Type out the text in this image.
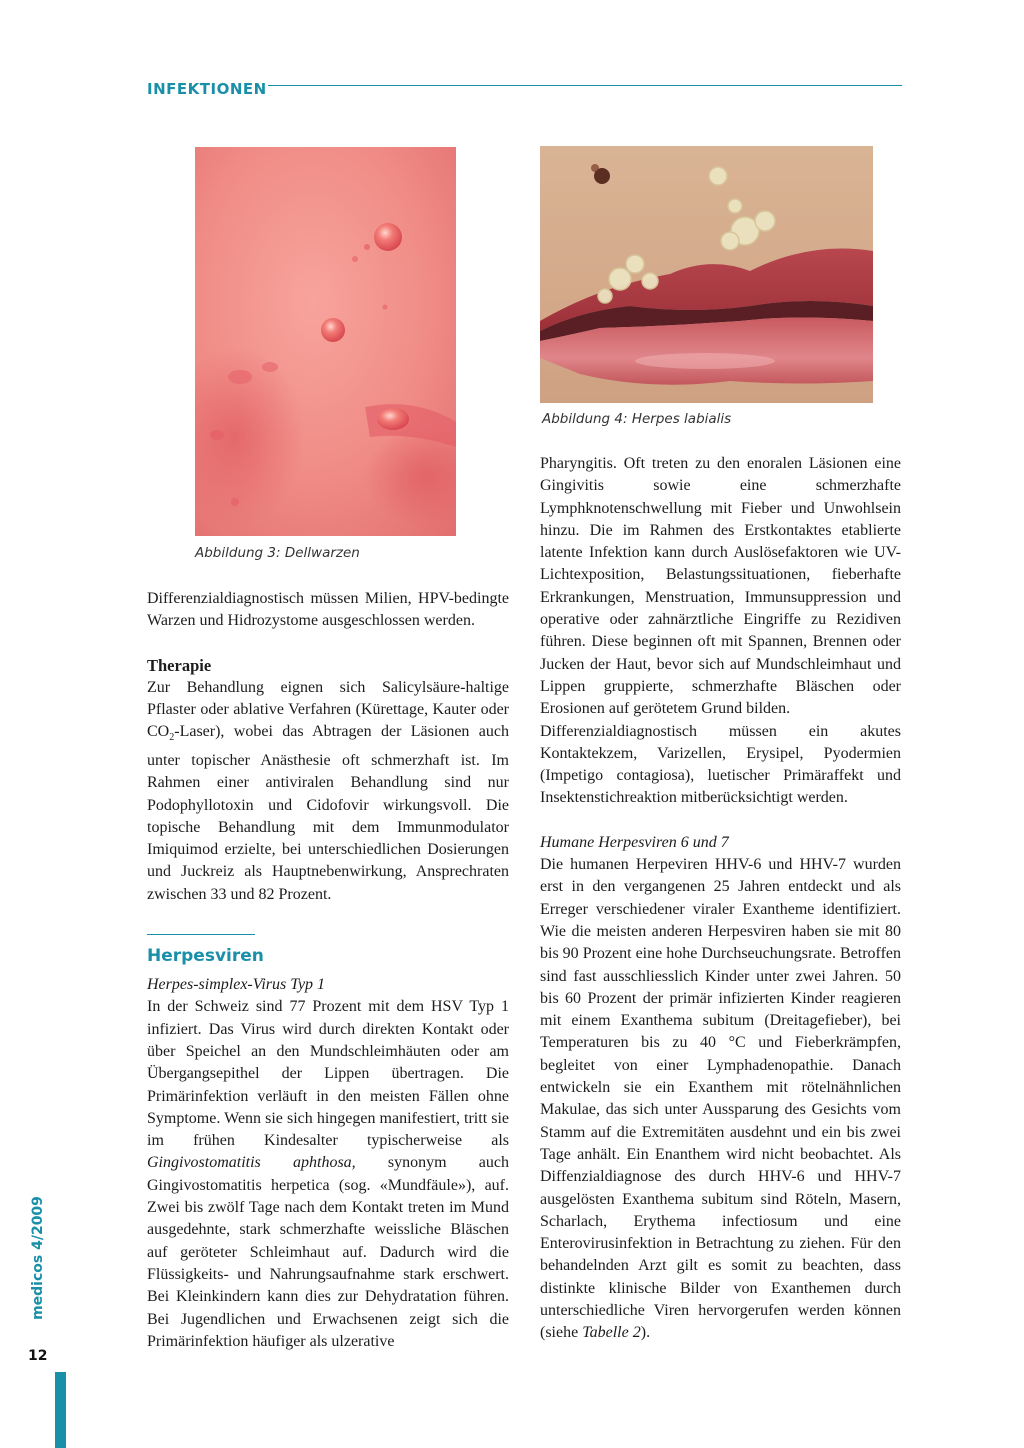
INFEKTIONEN
Abbildung 3: Dellwarzen
Abbildung 4: Herpes labialis

Differenzialdiagnostisch müssen Milien, HPV-bedingte Warzen und Hidrozystome ausgeschlossen werden.

Therapie

Zur Behandlung eignen sich Salicylsäure-haltige Pflaster oder ablative Verfahren (Kürettage, Kauter oder $CO_2-Laser$), wobei das Abtragen der Läsionen auch unter topischer Anästhesie oft schmerzhaft ist. Im Rahmen einer antiviralen Behandlung sind nur Podophyllotoxin und Cidofovir wirkungsvoll. Die topische Behandlung mit dem Immunmodulator Imiquimod erzielte, bei unterschiedlichen Dosierungen und Juckreiz als Hauptnebenwirkung, Ansprechraten zwischen 33 und 82 Prozent.

Herpesviren

Herpes-simplex-Virus Typ 1

In der Schweiz sind 77 Prozent mit dem HSV Typ 1 infiziert. Das Virus wird durch direkten Kontakt oder über Speichel an den Mundschleimhäuten oder am Übergangsepithel der Lippen übertragen. Die Primärinfektion verläuft in den meisten Fällen ohne Symptome. Wenn sie sich hingegen manifestiert, tritt sie im frühen Kindesalter typischerweise als Gingivostomatitis aphthosa, synonym auch Gingivostomatitis herpetica (sog. «Mundfäule»), auf. Zwei bis zwölf Tage nach dem Kontakt treten im Mund ausgedehnte, stark schmerzhafte weissliche Bläschen auf geröteter Schleimhaut auf. Dadurch wird die Flüssigkeits- und Nahrungsaufnahme stark erschwert. Bei Kleinkindern kann dies zur Dehydratation führen. Bei Jugendlichen und Erwachsenen zeigt sich die Primärinfektion häufiger als ulzerative

Pharyngitis. Oft treten zu den enoralen Läsionen eine Gingivitis sowie eine schmerzhafte Lymphknotenschwellung mit Fieber und Unwohlsein hinzu. Die im Rahmen des Erstkontaktes etablierte latente Infektion kann durch Auslösefaktoren wie UV-Lichtexposition, Belastungssituationen, fieberhafte Erkrankungen, Menstruation, Immunsuppression und operative oder zahnärztliche Eingriffe zu Rezidiven führen. Diese beginnen oft mit Spannen, Brennen oder Jucken der Haut, bevor sich auf Mundschleimhaut und Lippen gruppierte, schmerzhafte Bläschen oder Erosionen auf gerötetem Grund bilden.

Differenzialdiagnostisch müssen ein akutes Kontaktekzem, Varizellen, Erysipel, Pyodermien (Impetigo contagiosa), luetischer Primäraffekt und Insektenstichreaktion mitberücksichtigt werden.

Humane Herpesviren 6 und 7

Die humanen Herpeviren HHV-6 und HHV-7 wurden erst in den vergangenen 25 Jahren entdeckt und als Erreger verschiedener viraler Exantheme identifiziert. Wie die meisten anderen Herpesviren haben sie mit 80 bis 90 Prozent eine hohe Durchseuchungsrate. Betroffen sind fast ausschliesslich Kinder unter zwei Jahren. 50 bis 60 Prozent der primär infizierten Kinder reagieren mit einem Exanthema subitum (Dreitagefieber), bei Temperaturen bis zu 40 °C und Fieberkrämpfen, begleitet von einer Lymphadenopathie. Danach entwickeln sie ein Exanthem mit rötelnähnlichen Makulae, das sich unter Aussparung des Gesichts vom Stamm auf die Extremitäten ausdehnt und ein bis zwei Tage anhält. Ein Enanthem wird nicht beobachtet. Als Diffenzialdiagnose des durch HHV-6 und HHV-7 ausgelösten Exanthema subitum sind Röteln, Masern, Scharlach, Erythema infectiosum und eine Enterovirusinfektion in Betrachtung zu ziehen. Für den behandelnden Arzt gilt es somit zu beachten, dass distinkte klinische Bilder von Exanthemen durch unterschiedliche Viren hervorgerufen werden können (siehe Tabelle 2).

medicos 4/2009
12
